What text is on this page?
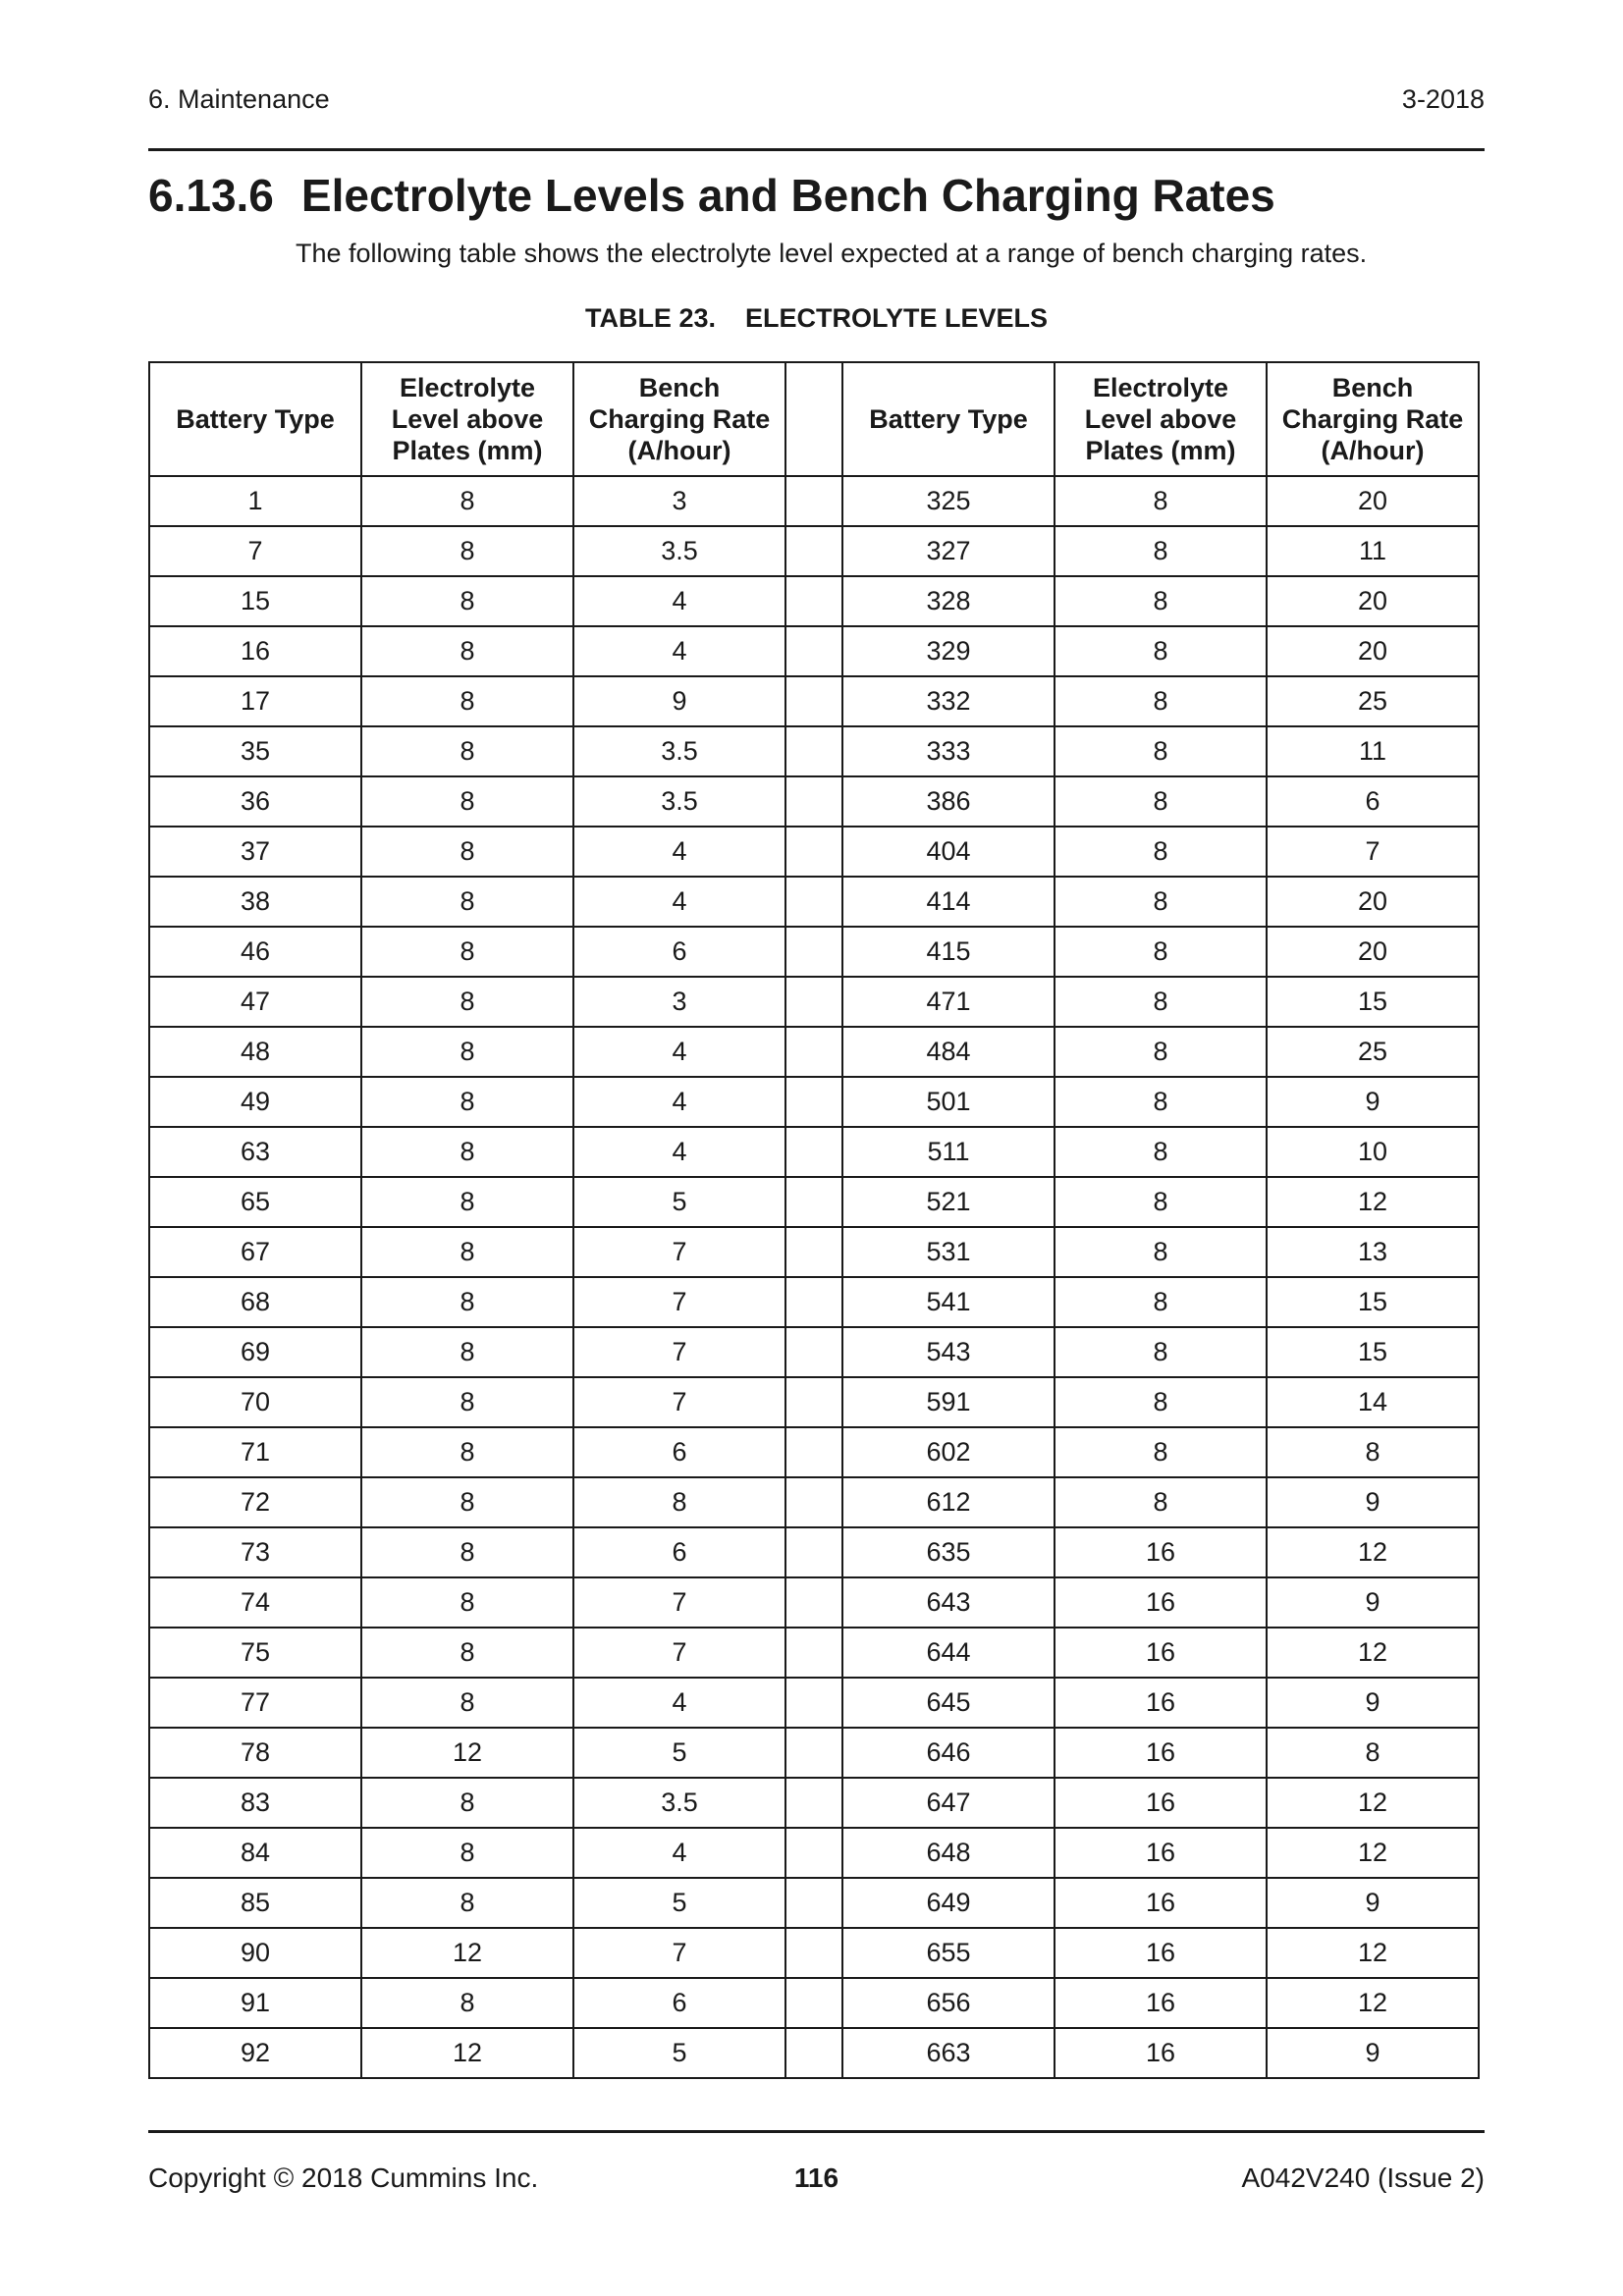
6. Maintenance	3-2018
6.13.6 Electrolyte Levels and Bench Charging Rates
The following table shows the electrolyte level expected at a range of bench charging rates.
TABLE 23.    ELECTROLYTE LEVELS
Battery Type	Electrolyte
Level above
Plates (mm)	Bench
Charging Rate
(A/hour)		Battery Type	Electrolyte
Level above
Plates (mm)	Bench
Charging Rate
(A/hour)
1	8	3		325	8	20
7	8	3.5		327	8	11
15	8	4		328	8	20
16	8	4		329	8	20
17	8	9		332	8	25
35	8	3.5		333	8	11
36	8	3.5		386	8	6
37	8	4		404	8	7
38	8	4		414	8	20
46	8	6		415	8	20
47	8	3		471	8	15
48	8	4		484	8	25
49	8	4		501	8	9
63	8	4		511	8	10
65	8	5		521	8	12
67	8	7		531	8	13
68	8	7		541	8	15
69	8	7		543	8	15
70	8	7		591	8	14
71	8	6		602	8	8
72	8	8		612	8	9
73	8	6		635	16	12
74	8	7		643	16	9
75	8	7		644	16	12
77	8	4		645	16	9
78	12	5		646	16	8
83	8	3.5		647	16	12
84	8	4		648	16	12
85	8	5		649	16	9
90	12	7		655	16	12
91	8	6		656	16	12
92	12	5		663	16	9
Copyright © 2018 Cummins Inc.	116	A042V240 (Issue 2)
